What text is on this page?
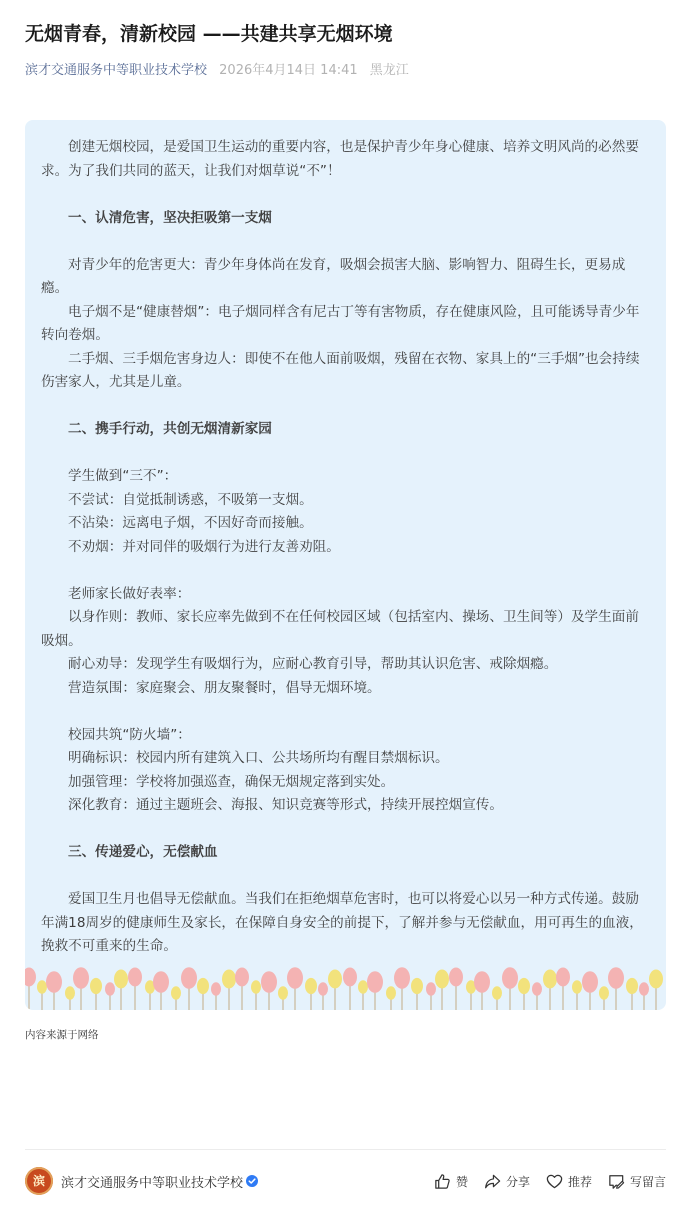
无烟青春，清新校园 ——共建共享无烟环境
滨才交通服务中等职业技术学校 2026年4月14日 14:41 黑龙江

创建无烟校园，是爱国卫生运动的重要内容，也是保护青少年身心健康、培养文明风尚的必然要求。为了我们共同的蓝天，让我们对烟草说“不”！

一、认清危害，坚决拒吸第一支烟

对青少年的危害更大：青少年身体尚在发育，吸烟会损害大脑、影响智力、阻碍生长，更易成瘾。

电子烟不是“健康替烟”：电子烟同样含有尼古丁等有害物质，存在健康风险，且可能诱导青少年转向卷烟。

二手烟、三手烟危害身边人：即使不在他人面前吸烟，残留在衣物、家具上的“三手烟”也会持续伤害家人，尤其是儿童。

二、携手行动，共创无烟清新家园

学生做到“三不”：

不尝试：自觉抵制诱惑，不吸第一支烟。

不沾染：远离电子烟，不因好奇而接触。

不劝烟：并对同伴的吸烟行为进行友善劝阻。

老师家长做好表率：

以身作则：教师、家长应率先做到不在任何校园区域（包括室内、操场、卫生间等）及学生面前吸烟。

耐心劝导：发现学生有吸烟行为，应耐心教育引导，帮助其认识危害、戒除烟瘾。

营造氛围：家庭聚会、朋友聚餐时，倡导无烟环境。

校园共筑“防火墙”：

明确标识：校园内所有建筑入口、公共场所均有醒目禁烟标识。

加强管理：学校将加强巡查，确保无烟规定落到实处。

深化教育：通过主题班会、海报、知识竞赛等形式，持续开展控烟宣传。

三、传递爱心，无偿献血

爱国卫生月也倡导无偿献血。当我们在拒绝烟草危害时，也可以将爱心以另一种方式传递。鼓励年满18周岁的健康师生及家长，在保障自身安全的前提下，了解并参与无偿献血，用可再生的血液，挽救不可重来的生命。

内容来源于网络
滨 滨才交通服务中等职业技术学校	赞	分享	推荐	写留言
